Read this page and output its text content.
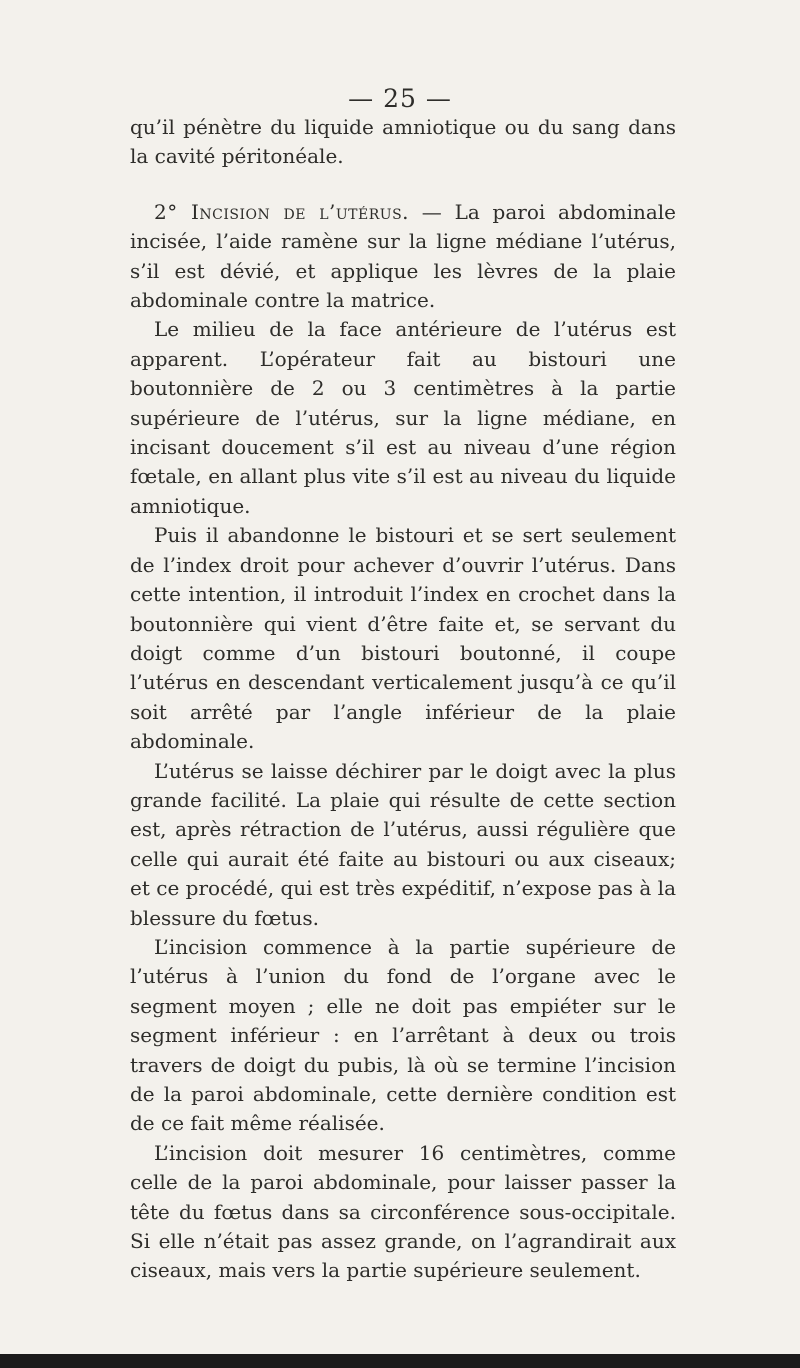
— 25 —

qu’il pénètre du liquide amniotique ou du sang dans la cavité péritonéale.

2° Incision de l’utérus. — La paroi abdominale incisée, l’aide ramène sur la ligne médiane l’utérus, s’il est dévié, et applique les lèvres de la plaie abdominale contre la matrice.

Le milieu de la face antérieure de l’utérus est apparent. L’opérateur fait au bistouri une boutonnière de 2 ou 3 centimètres à la partie supérieure de l’utérus, sur la ligne médiane, en incisant doucement s’il est au niveau d’une région fœtale, en allant plus vite s’il est au niveau du liquide amniotique.

Puis il abandonne le bistouri et se sert seulement de l’index droit pour achever d’ouvrir l’utérus. Dans cette intention, il introduit l’index en crochet dans la boutonnière qui vient d’être faite et, se servant du doigt comme d’un bistouri boutonné, il coupe l’utérus en descendant verticalement jusqu’à ce qu’il soit arrêté par l’angle inférieur de la plaie abdominale.

L’utérus se laisse déchirer par le doigt avec la plus grande facilité. La plaie qui résulte de cette section est, après rétraction de l’utérus, aussi régulière que celle qui aurait été faite au bistouri ou aux ciseaux; et ce procédé, qui est très expéditif, n’expose pas à la blessure du fœtus.

L’incision commence à la partie supérieure de l’utérus à l’union du fond de l’organe avec le segment moyen ; elle ne doit pas empiéter sur le segment inférieur : en l’arrêtant à deux ou trois travers de doigt du pubis, là où se termine l’incision de la paroi abdominale, cette dernière condition est de ce fait même réalisée.

L’incision doit mesurer 16 centimètres, comme celle de la paroi abdominale, pour laisser passer la tête du fœtus dans sa circonférence sous-occipitale. Si elle n’était pas assez grande, on l’agrandirait aux ciseaux, mais vers la partie supérieure seulement.
